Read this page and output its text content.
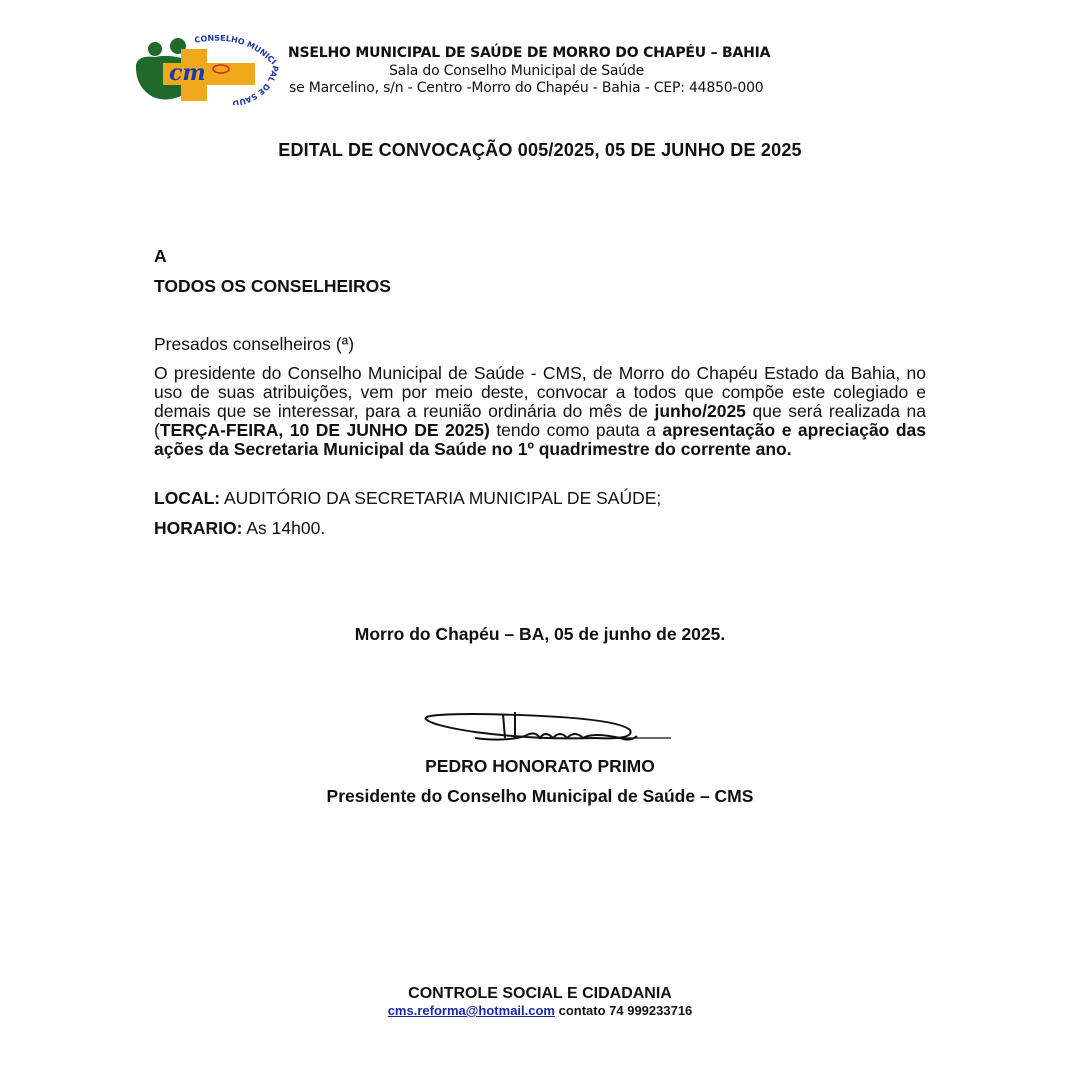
cm
CONSELHO MUNICIPAL DE SAÚD
NSELHO MUNICIPAL DE SAÚDE DE MORRO DO CHAPÉU – BAHIA
Sala do Conselho Municipal de Saúde
se Marcelino, s/n - Centro -Morro do Chapéu - Bahia - CEP: 44850-000
EDITAL DE CONVOCAÇÃO 005/2025, 05 DE JUNHO DE 2025
A
TODOS OS CONSELHEIROS
Presados conselheiros (ª)
O presidente do Conselho Municipal de Saúde - CMS, de Morro do Chapéu Estado da Bahia, no uso de suas atribuições, vem por meio deste, convocar a todos que compõe este colegiado e demais que se interessar, para a reunião ordinária do mês de junho/2025 que será realizada na (TERÇA-FEIRA, 10 DE JUNHO DE 2025) tendo como pauta a apresentação e apreciação das ações da Secretaria Municipal da Saúde no 1º quadrimestre do corrente ano.
LOCAL: AUDITÓRIO DA SECRETARIA MUNICIPAL DE SAÚDE;
HORARIO: As 14h00.
Morro do Chapéu – BA, 05 de junho de 2025.
PEDRO HONORATO PRIMO
Presidente do Conselho Municipal de Saúde – CMS
CONTROLE SOCIAL E CIDADANIA
cms.reforma@hotmail.com contato 74 999233716
